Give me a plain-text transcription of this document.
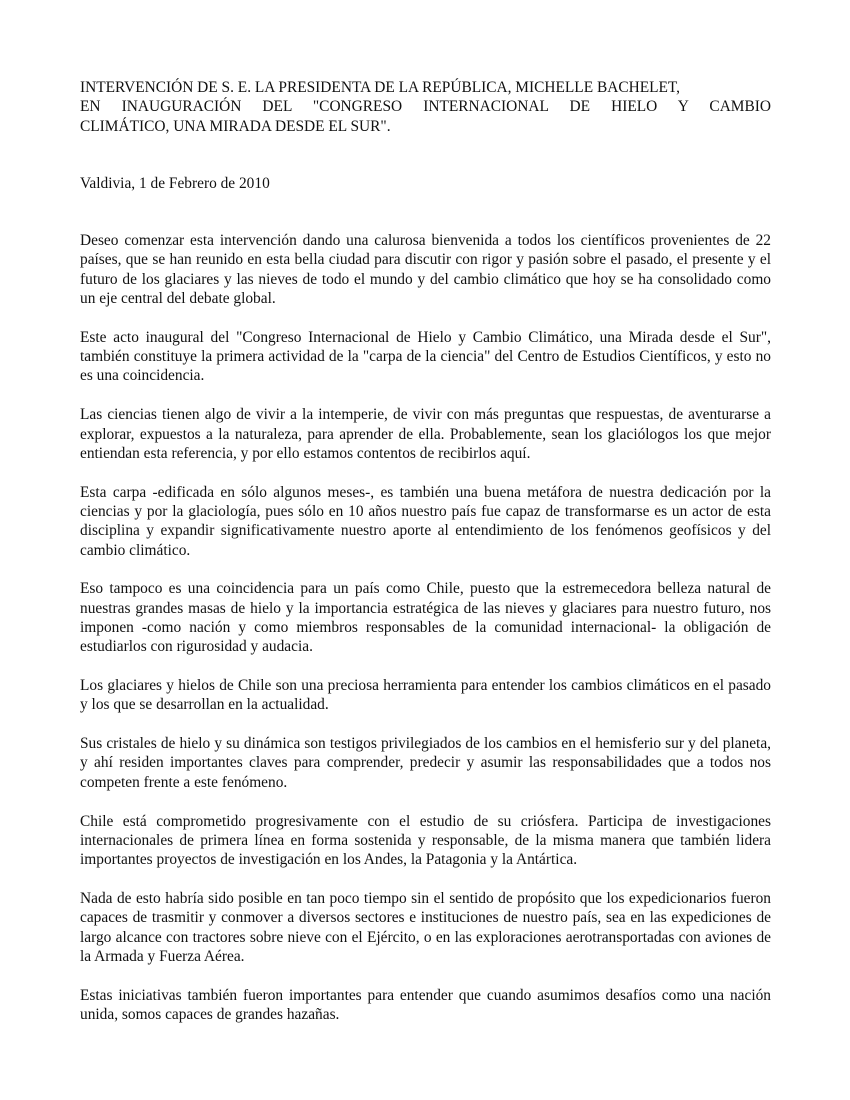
INTERVENCIÓN DE S. E. LA PRESIDENTA DE LA REPÚBLICA, MICHELLE BACHELET,
EN INAUGURACIÓN DEL "CONGRESO INTERNACIONAL DE HIELO Y CAMBIO
CLIMÁTICO, UNA MIRADA DESDE EL SUR".

Valdivia, 1 de Febrero de 2010

Deseo comenzar esta intervención dando una calurosa bienvenida a todos los científicos provenientes de 22 países, que se han reunido en esta bella ciudad para discutir con rigor y pasión sobre el pasado, el presente y el futuro de los glaciares y las nieves de todo el mundo y del cambio climático que hoy se ha consolidado como un eje central del debate global.

Este acto inaugural del "Congreso Internacional de Hielo y Cambio Climático, una Mirada desde el Sur", también constituye la primera actividad de la "carpa de la ciencia" del Centro de Estudios Científicos, y esto no es una coincidencia.

Las ciencias tienen algo de vivir a la intemperie, de vivir con más preguntas que respuestas, de aventurarse a explorar, expuestos a la naturaleza, para aprender de ella. Probablemente, sean los glaciólogos los que mejor entiendan esta referencia, y por ello estamos contentos de recibirlos aquí.

Esta carpa -edificada en sólo algunos meses-, es también una buena metáfora de nuestra dedicación por la ciencias y por la glaciología, pues sólo en 10 años nuestro país fue capaz de transformarse es un actor de esta disciplina y expandir significativamente nuestro aporte al entendimiento de los fenómenos geofísicos y del cambio climático.

Eso tampoco es una coincidencia para un país como Chile, puesto que la estremecedora belleza natural de nuestras grandes masas de hielo y la importancia estratégica de las nieves y glaciares para nuestro futuro, nos imponen -como nación y como miembros responsables de la comunidad internacional- la obligación de estudiarlos con rigurosidad y audacia.

Los glaciares y hielos de Chile son una preciosa herramienta para entender los cambios climáticos en el pasado y los que se desarrollan en la actualidad.

Sus cristales de hielo y su dinámica son testigos privilegiados de los cambios en el hemisferio sur y del planeta, y ahí residen importantes claves para comprender, predecir y asumir las responsabilidades que a todos nos competen frente a este fenómeno.

Chile está comprometido progresivamente con el estudio de su criósfera. Participa de investigaciones internacionales de primera línea en forma sostenida y responsable, de la misma manera que también lidera importantes proyectos de investigación en los Andes, la Patagonia y la Antártica.

Nada de esto habría sido posible en tan poco tiempo sin el sentido de propósito que los expedicionarios fueron capaces de trasmitir y conmover a diversos sectores e instituciones de nuestro país, sea en las expediciones de largo alcance con tractores sobre nieve con el Ejército, o en las exploraciones aerotransportadas con aviones de la Armada y Fuerza Aérea.

Estas iniciativas también fueron importantes para entender que cuando asumimos desafíos como una nación unida, somos capaces de grandes hazañas.
